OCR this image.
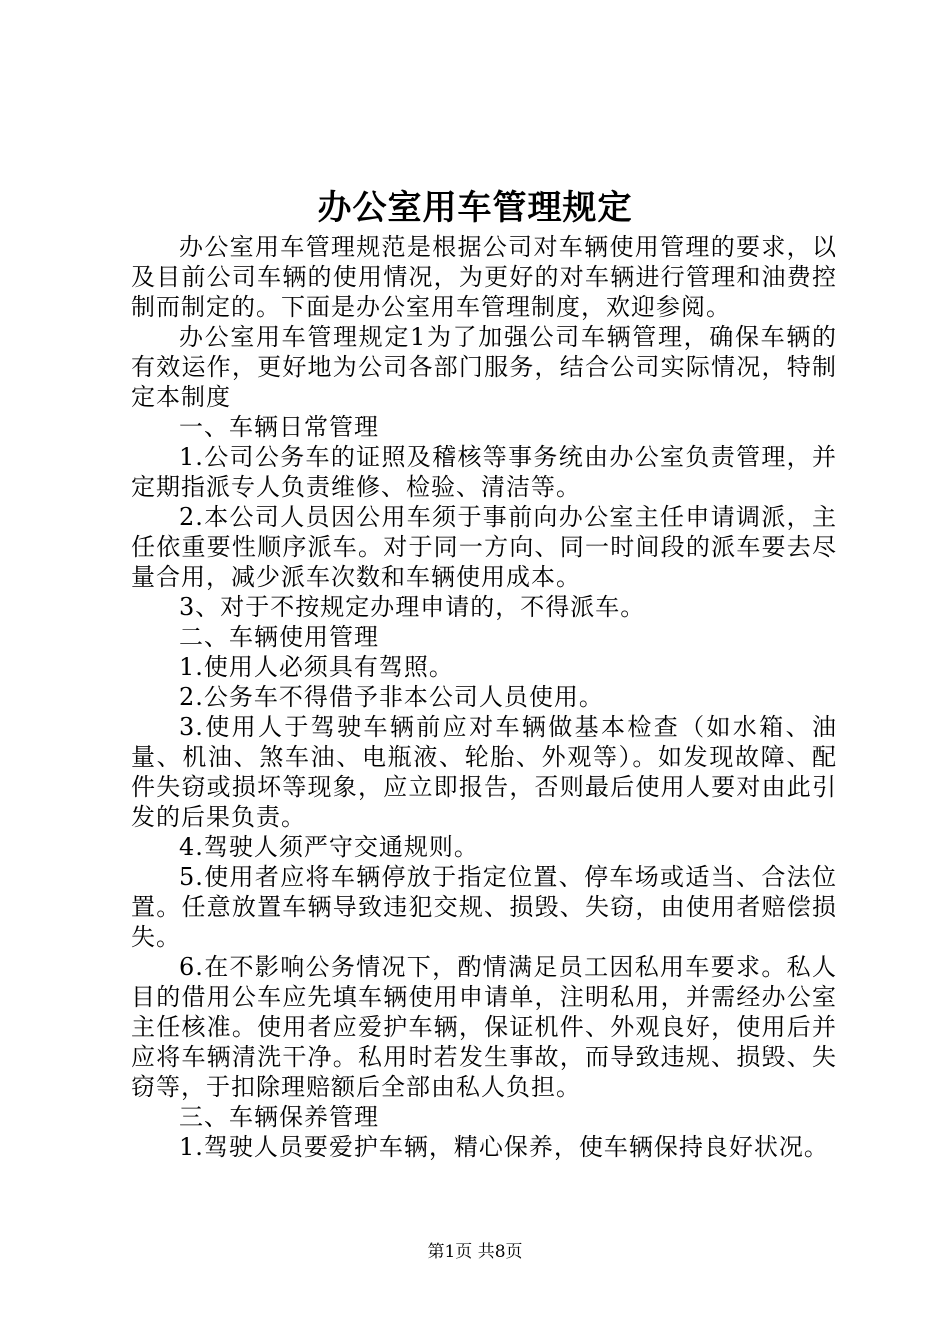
办公室用车管理规定

办公室用车管理规范是根据公司对车辆使用管理的要求，以及目前公司车辆的使用情况，为更好的对车辆进行管理和油费控制而制定的。下面是办公室用车管理制度，欢迎参阅。

办公室用车管理规定1为了加强公司车辆管理，确保车辆的有效运作，更好地为公司各部门服务，结合公司实际情况，特制定本制度

一、车辆日常管理

1.公司公务车的证照及稽核等事务统由办公室负责管理，并定期指派专人负责维修、检验、清洁等。

2.本公司人员因公用车须于事前向办公室主任申请调派，主任依重要性顺序派车。对于同一方向、同一时间段的派车要去尽量合用，减少派车次数和车辆使用成本。

3、对于不按规定办理申请的，不得派车。

二、车辆使用管理

1.使用人必须具有驾照。

2.公务车不得借予非本公司人员使用。

3.使用人于驾驶车辆前应对车辆做基本检查（如水箱、油量、机油、煞车油、电瓶液、轮胎、外观等）。如发现故障、配件失窃或损坏等现象，应立即报告，否则最后使用人要对由此引发的后果负责。

4.驾驶人须严守交通规则。

5.使用者应将车辆停放于指定位置、停车场或适当、合法位置。任意放置车辆导致违犯交规、损毁、失窃，由使用者赔偿损失。

6.在不影响公务情况下，酌情满足员工因私用车要求。私人目的借用公车应先填车辆使用申请单，注明私用，并需经办公室主任核准。使用者应爱护车辆，保证机件、外观良好，使用后并应将车辆清洗干净。私用时若发生事故，而导致违规、损毁、失窃等，于扣除理赔额后全部由私人负担。

三、车辆保养管理

1.驾驶人员要爱护车辆，精心保养，使车辆保持良好状况。

第1页 共8页
